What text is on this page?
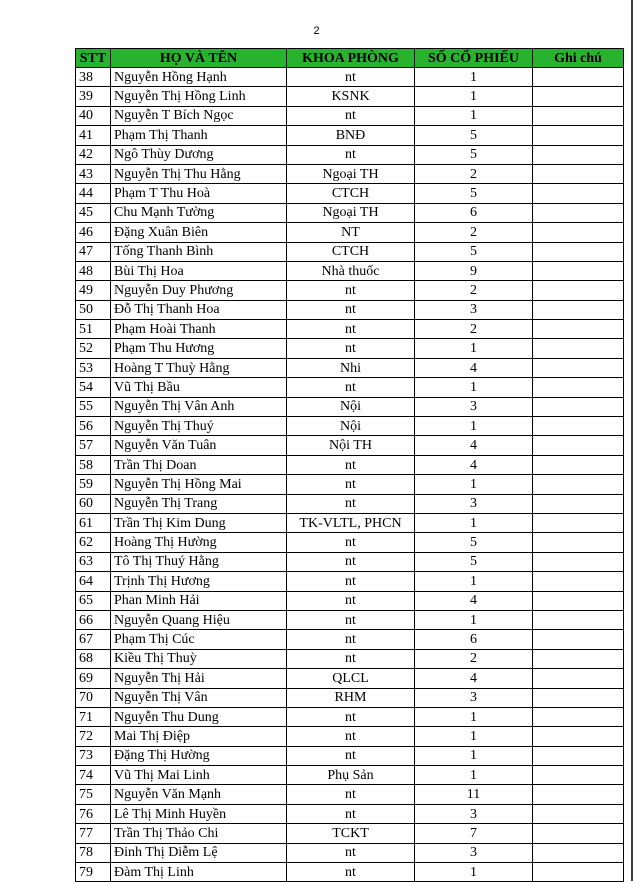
2
STT	HỌ VÀ TÊN	KHOA PHÒNG	SỐ CỔ PHIẾU	Ghi chú
38	Nguyễn Hồng Hạnh	nt	1	
39	Nguyễn Thị Hồng Linh	KSNK	1	
40	Nguyễn T Bích Ngọc	nt	1	
41	Phạm Thị Thanh	BNĐ	5	
42	Ngô Thùy Dương	nt	5	
43	Nguyễn Thị Thu Hằng	Ngoại TH	2	
44	Phạm T Thu Hoà	CTCH	5	
45	Chu Mạnh Tường	Ngoại TH	6	
46	Đặng Xuân Biên	NT	2	
47	Tống Thanh Bình	CTCH	5	
48	Bùi Thị Hoa	Nhà thuốc	9	
49	Nguyễn Duy Phương	nt	2	
50	Đỗ Thị Thanh Hoa	nt	3	
51	Phạm Hoài Thanh	nt	2	
52	Phạm Thu Hương	nt	1	
53	Hoàng T Thuỳ Hằng	Nhi	4	
54	Vũ Thị Bầu	nt	1	
55	Nguyễn Thị Vân Anh	Nội	3	
56	Nguyễn Thị Thuý	Nội	1	
57	Nguyễn Văn Tuân	Nội TH	4	
58	Trần Thị Doan	nt	4	
59	Nguyễn Thị Hồng Mai	nt	1	
60	Nguyễn Thị Trang	nt	3	
61	Trần Thị Kim Dung	TK-VLTL, PHCN	1	
62	Hoàng Thị Hường	nt	5	
63	Tô Thị Thuý Hằng	nt	5	
64	Trịnh Thị Hương	nt	1	
65	Phan Minh Hải	nt	4	
66	Nguyễn Quang Hiệu	nt	1	
67	Phạm Thị Cúc	nt	6	
68	Kiều Thị Thuỳ	nt	2	
69	Nguyễn Thị Hải	QLCL	4	
70	Nguyễn Thị Vân	RHM	3	
71	Nguyễn Thu Dung	nt	1	
72	Mai Thị Điệp	nt	1	
73	Đặng Thị Hường	nt	1	
74	Vũ Thị Mai Linh	Phụ Sản	1	
75	Nguyễn Văn Mạnh	nt	11	
76	Lê Thị Minh Huyền	nt	3	
77	Trần Thị Thảo Chi	TCKT	7	
78	Đinh Thị Diễm Lệ	nt	3	
79	Đàm Thị Linh	nt	1	
